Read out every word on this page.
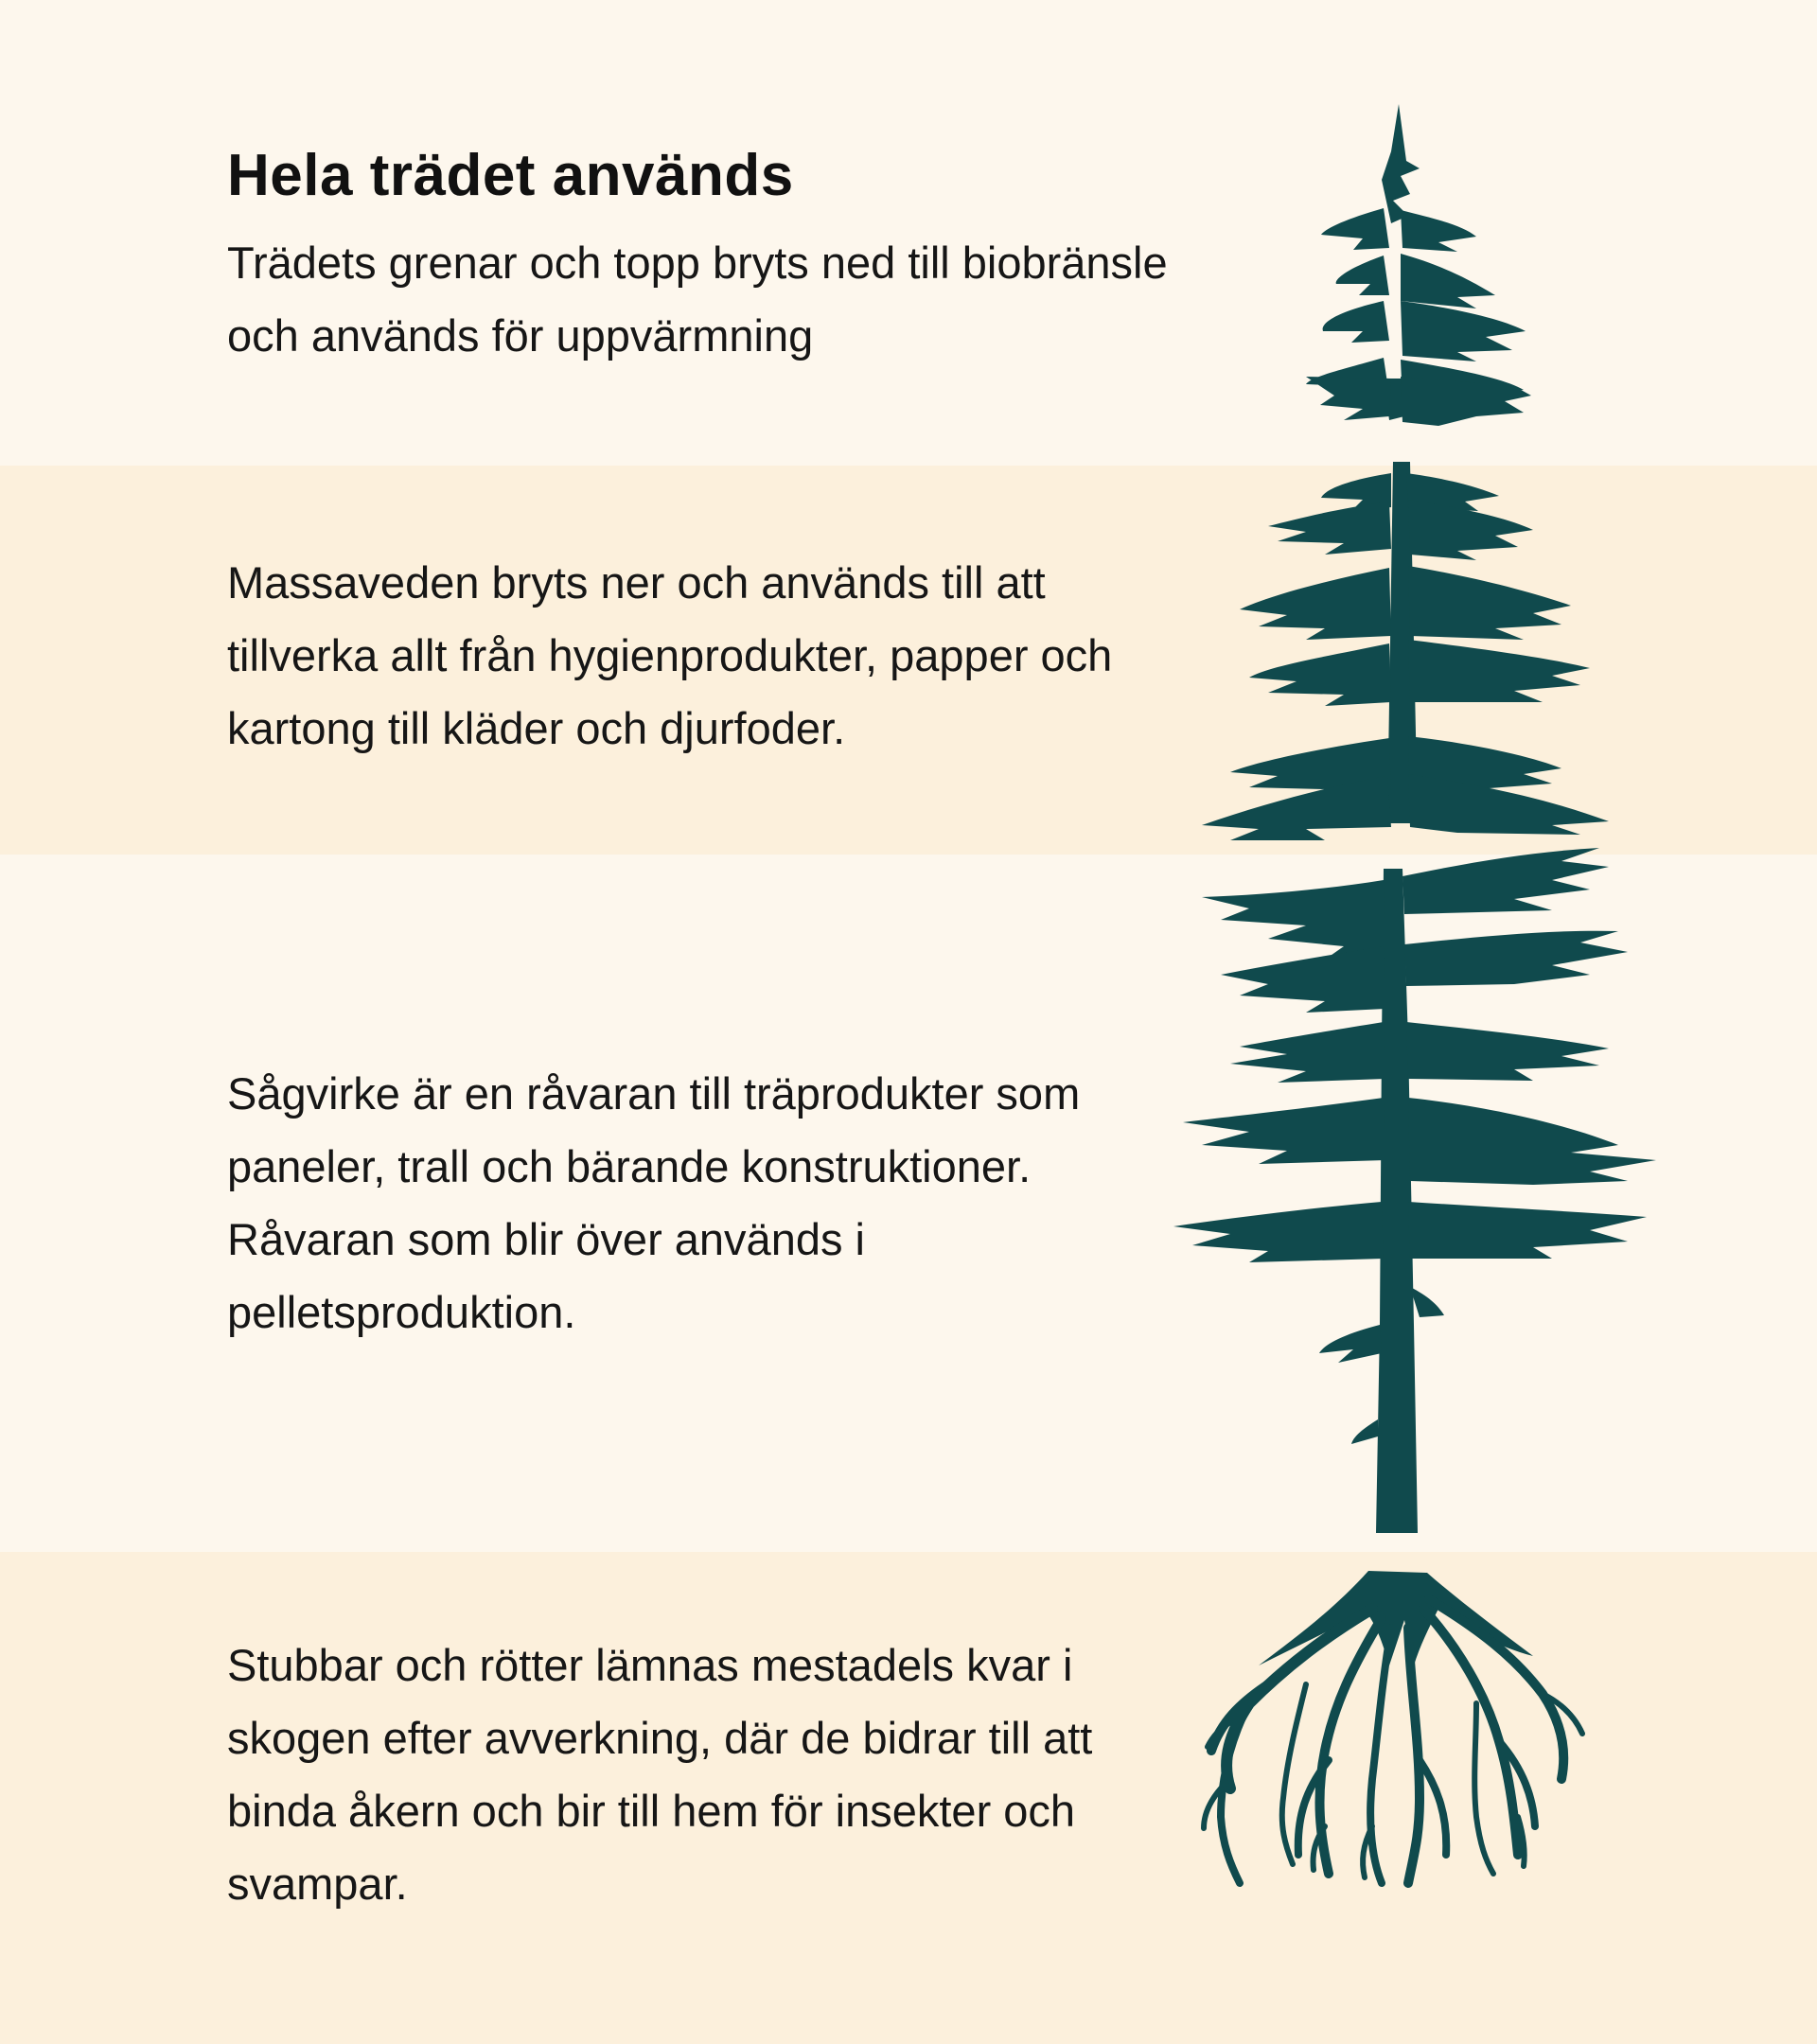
Hela trädet används

Trädets grenar och topp bryts ned till biobränsle och används för uppvärmning

Massaveden bryts ner och används till att tillverka allt från hygienprodukter, papper och kartong till kläder och djurfoder.

Sågvirke är en råvaran till träprodukter som paneler, trall och bärande konstruktioner. Råvaran som blir över används i pelletsproduktion.

Stubbar och rötter lämnas mestadels kvar i skogen efter avverkning, där de bidrar till att binda åkern och bir till hem för insekter och svampar.
